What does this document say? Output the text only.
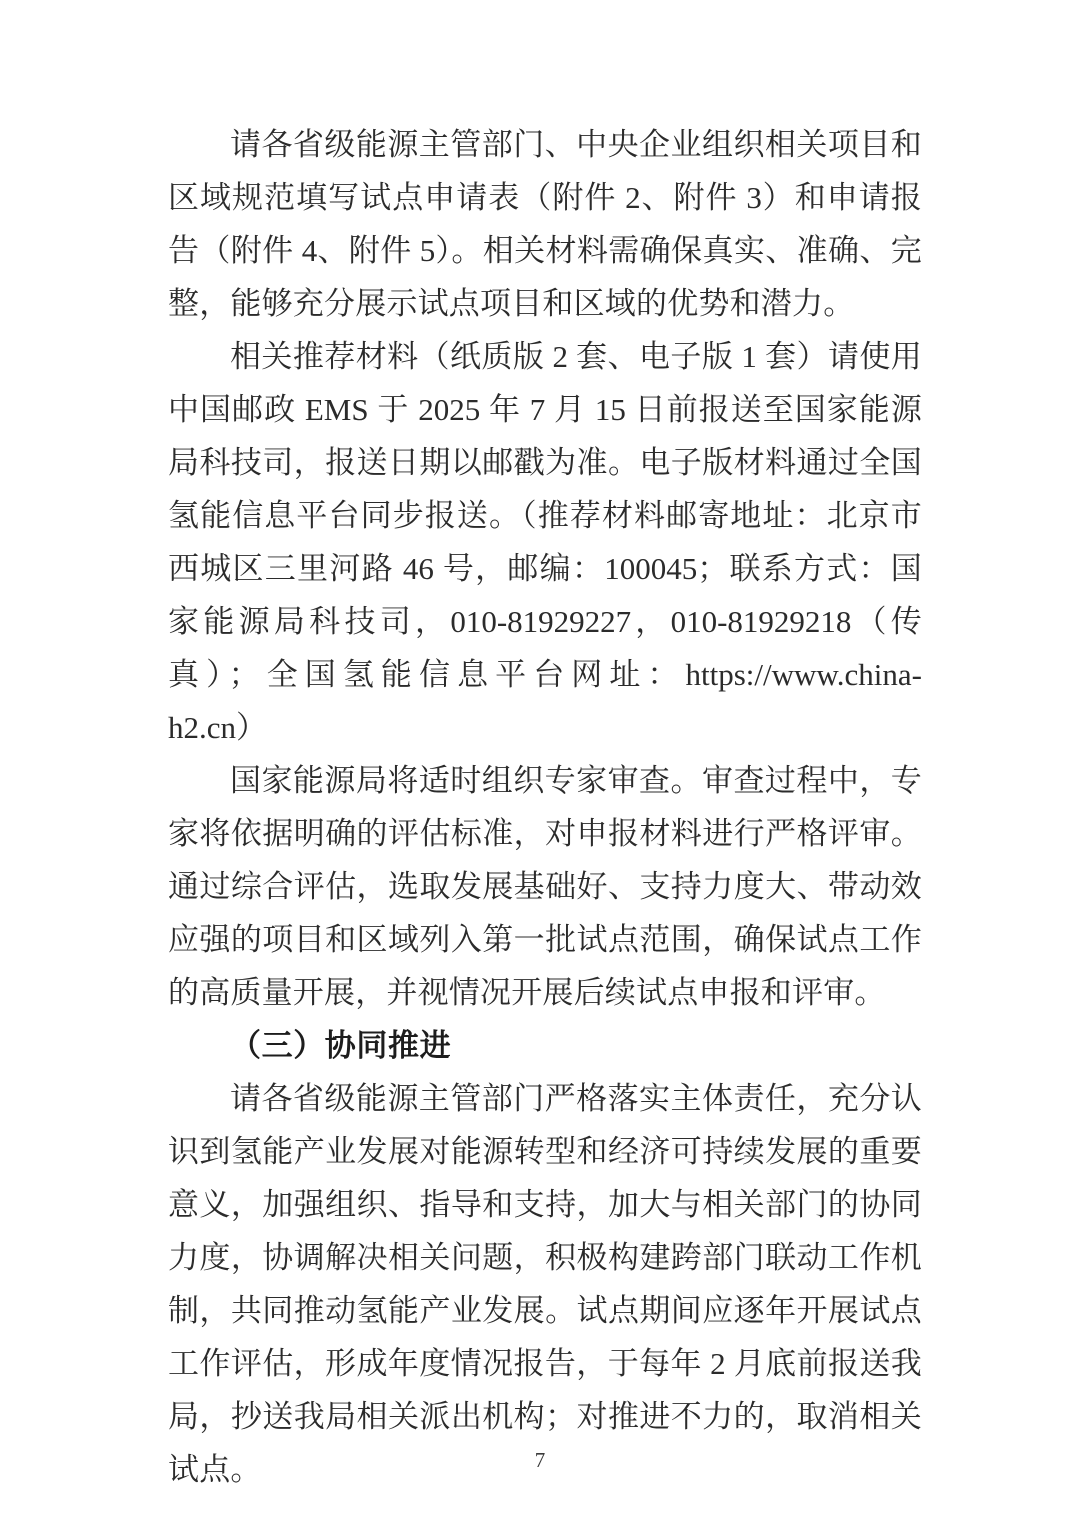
请各省级能源主管部门、中央企业组织相关项目和区域规范填写试点申请表（附件 2、附件 3）和申请报告（附件 4、附件 5）。相关材料需确保真实、准确、完整，能够充分展示试点项目和区域的优势和潜力。

相关推荐材料（纸质版 2 套、电子版 1 套）请使用中国邮政 EMS 于 2025 年 7 月 15 日前报送至国家能源局科技司，报送日期以邮戳为准。电子版材料通过全国氢能信息平台同步报送。（推荐材料邮寄地址：北京市西城区三里河路 46 号，邮编：100045；联系方式：国家能源局科技司，010-81929227，010-81929218（传真）；全国氢能信息平台网址：https://www.china-h2.cn）

国家能源局将适时组织专家审查。审查过程中，专家将依据明确的评估标准，对申报材料进行严格评审。通过综合评估，选取发展基础好、支持力度大、带动效应强的项目和区域列入第一批试点范围，确保试点工作的高质量开展，并视情况开展后续试点申报和评审。

（三）协同推进

请各省级能源主管部门严格落实主体责任，充分认识到氢能产业发展对能源转型和经济可持续发展的重要意义，加强组织、指导和支持，加大与相关部门的协同力度，协调解决相关问题，积极构建跨部门联动工作机制，共同推动氢能产业发展。试点期间应逐年开展试点工作评估，形成年度情况报告，于每年 2 月底前报送我局，抄送我局相关派出机构；对推进不力的，取消相关试点。	7
